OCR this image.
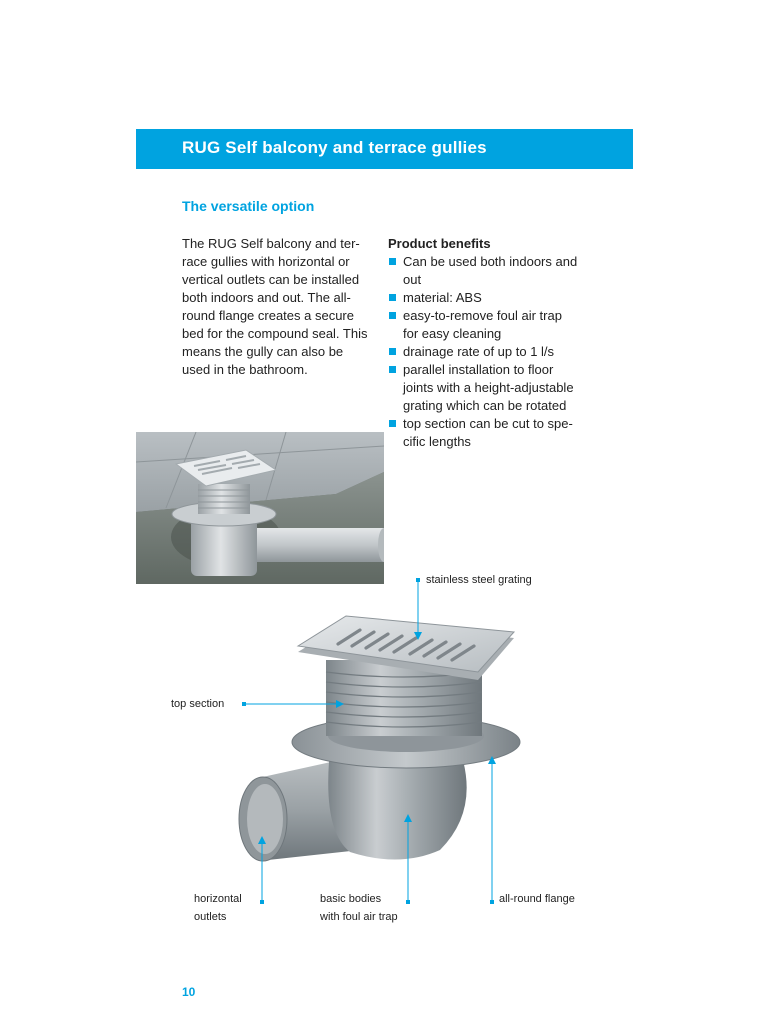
RUG Self balcony and terrace gullies
The versatile option
The RUG Self balcony and ter-
race gullies with horizontal or
vertical outlets can be installed
both indoors and out. The all-
round flange creates a secure
bed for the compound seal. This
means the gully can also be
used in the bathroom.
Product benefits
Can be used both indoors and
out
material: ABS
easy-to-remove foul air trap
for easy cleaning
drainage rate of up to 1 l/s
parallel installation to floor
joints with a height-adjustable
grating which can be rotated
top section can be cut to spe-
cific lengths
stainless steel grating
top section
horizontal
outlets
basic bodies
with foul air trap
all-round flange
10
